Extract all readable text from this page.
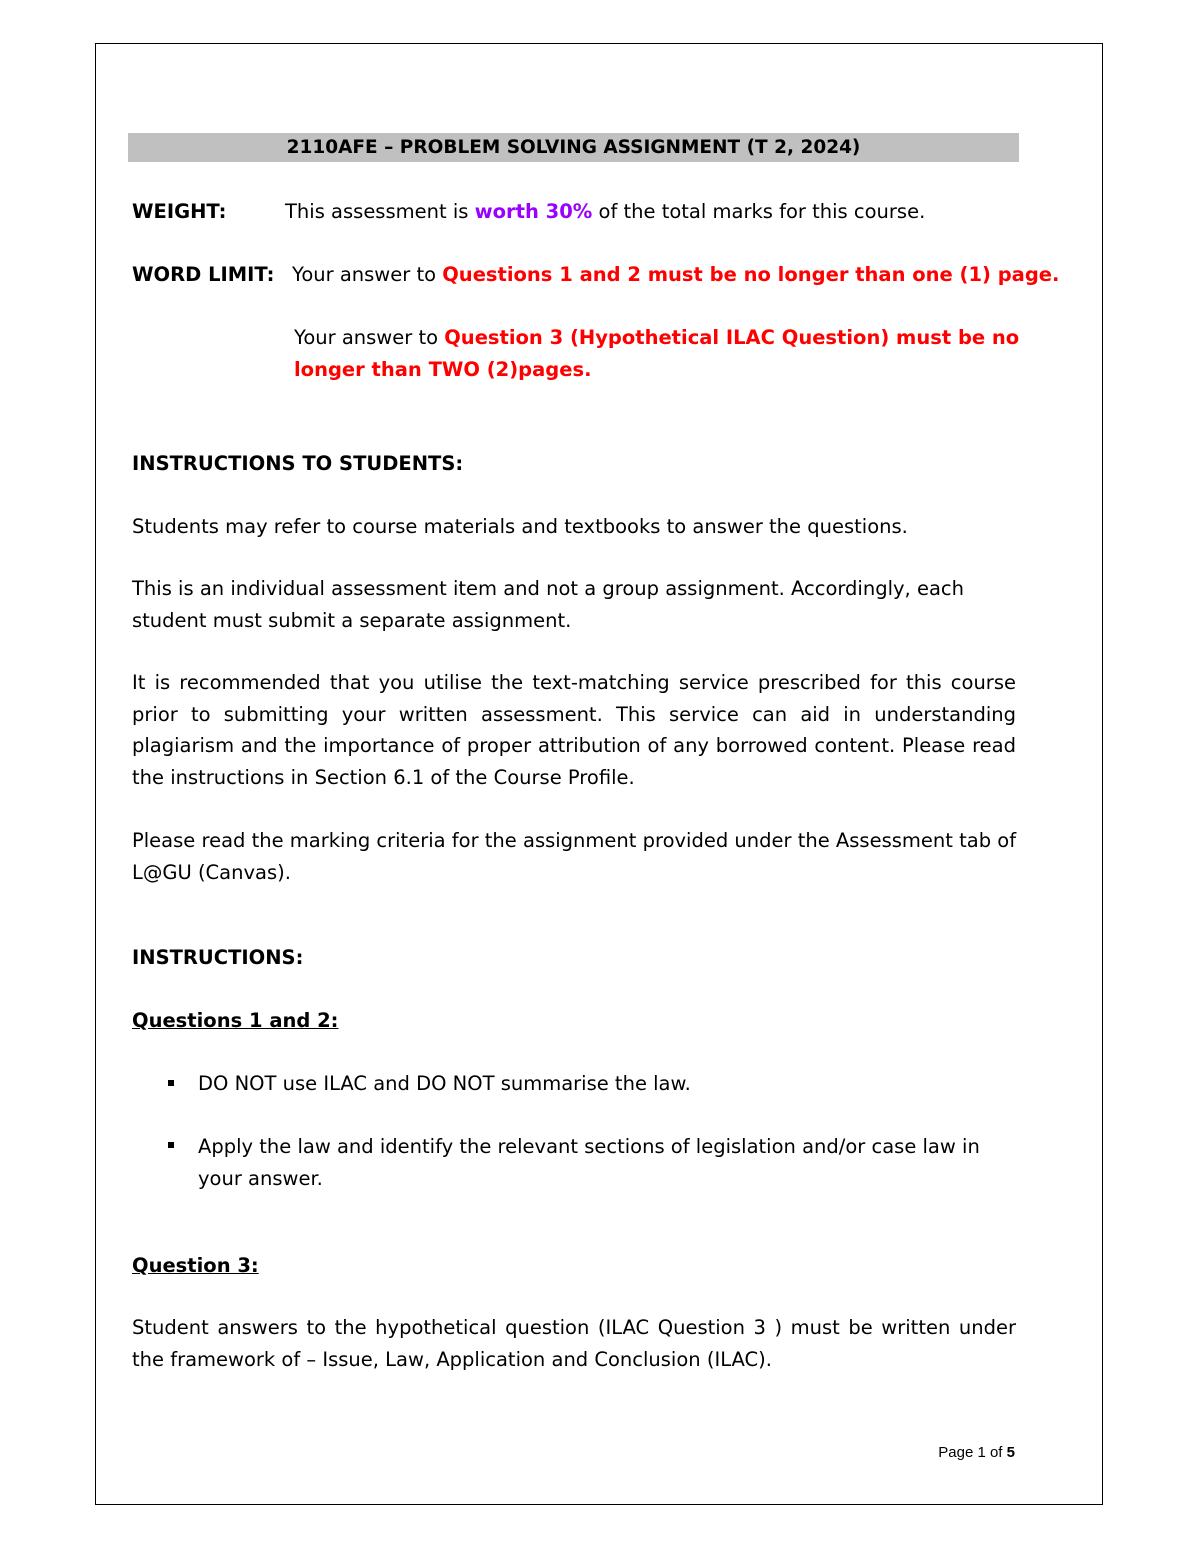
2110AFE – PROBLEM SOLVING ASSIGNMENT (T 2, 2024)
WEIGHT:	This assessment is worth 30% of the total marks for this course.
WORD LIMIT: Your answer to Questions 1 and 2 must be no longer than one (1) page.
Your answer to Question 3 (Hypothetical ILAC Question) must be no
longer than TWO (2)pages.
INSTRUCTIONS TO STUDENTS:
Students may refer to course materials and textbooks to answer the questions.
This is an individual assessment item and not a group assignment. Accordingly, each student must submit a separate assignment.
It is recommended that you utilise the text-matching service prescribed for this course prior to submitting your written assessment. This service can aid in understanding plagiarism and the importance of proper attribution of any borrowed content. Please read the instructions in Section 6.1 of the Course Profile.
Please read the marking criteria for the assignment provided under the Assessment tab of L@GU (Canvas).
INSTRUCTIONS:
Questions 1 and 2:
DO NOT use ILAC and DO NOT summarise the law.
Apply the law and identify the relevant sections of legislation and/or case law in your answer.
Question 3:
Student answers to the hypothetical question (ILAC Question 3 ) must be written under the framework of – Issue, Law, Application and Conclusion (ILAC).
Page 1 of 5
